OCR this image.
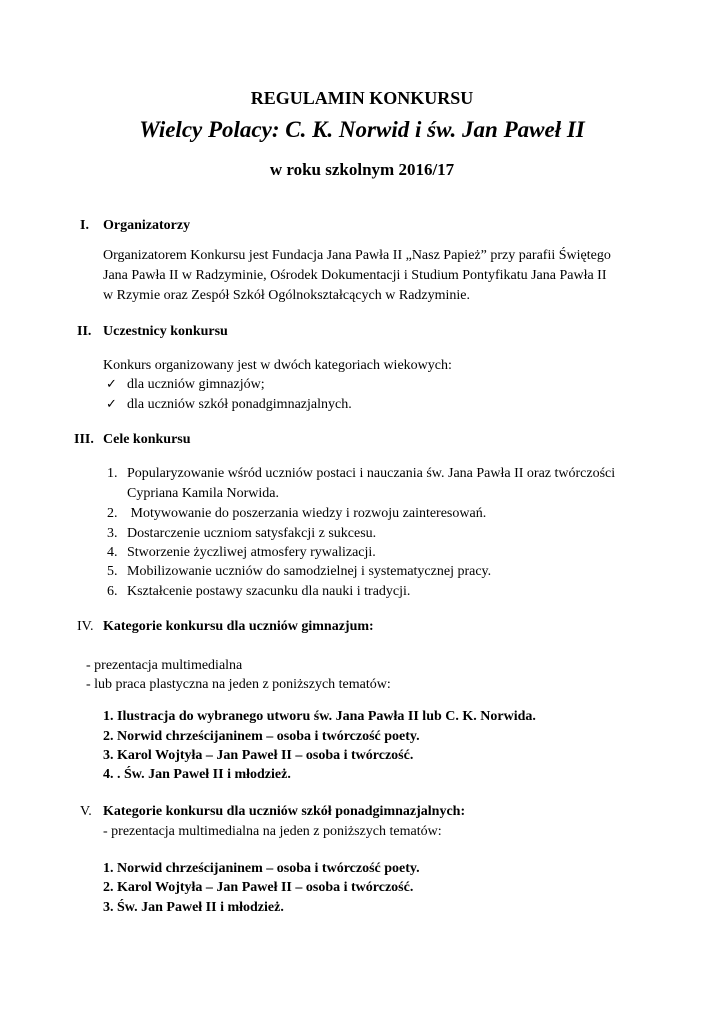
REGULAMIN KONKURSU
Wielcy Polacy: C. K. Norwid i św. Jan Paweł II
w roku szkolnym 2016/17
I. Organizatorzy
Organizatorem Konkursu jest Fundacja Jana Pawła II „Nasz Papież” przy parafii Świętego
Jana Pawła II w Radzyminie, Ośrodek Dokumentacji i Studium Pontyfikatu Jana Pawła II
w Rzymie oraz Zespół Szkół Ogólnokształcących w Radzyminie.
II. Uczestnicy konkursu
Konkurs organizowany jest w dwóch kategoriach wiekowych:
✓ dla uczniów gimnazjów;
✓ dla uczniów szkół ponadgimnazjalnych.
III. Cele konkursu
1. Popularyzowanie wśród uczniów postaci i nauczania św. Jana Pawła II oraz twórczości
Cypriana Kamila Norwida.
2. Motywowanie do poszerzania wiedzy i rozwoju zainteresowań.
3. Dostarczenie uczniom satysfakcji z sukcesu.
4. Stworzenie życzliwej atmosfery rywalizacji.
5. Mobilizowanie uczniów do samodzielnej i systematycznej pracy.
6. Kształcenie postawy szacunku dla nauki i tradycji.
IV. Kategorie konkursu dla uczniów gimnazjum:
- prezentacja multimedialna
- lub praca plastyczna na jeden z poniższych tematów:
1. Ilustracja do wybranego utworu św. Jana Pawła II lub C. K. Norwida.
2. Norwid chrześcijaninem – osoba i twórczość poety.
3. Karol Wojtyła – Jan Paweł II – osoba i twórczość.
4. . Św. Jan Paweł II i młodzież.
V. Kategorie konkursu dla uczniów szkół ponadgimnazjalnych:
- prezentacja multimedialna na jeden z poniższych tematów:
1. Norwid chrześcijaninem – osoba i twórczość poety.
2. Karol Wojtyła – Jan Paweł II – osoba i twórczość.
3. Św. Jan Paweł II i młodzież.
